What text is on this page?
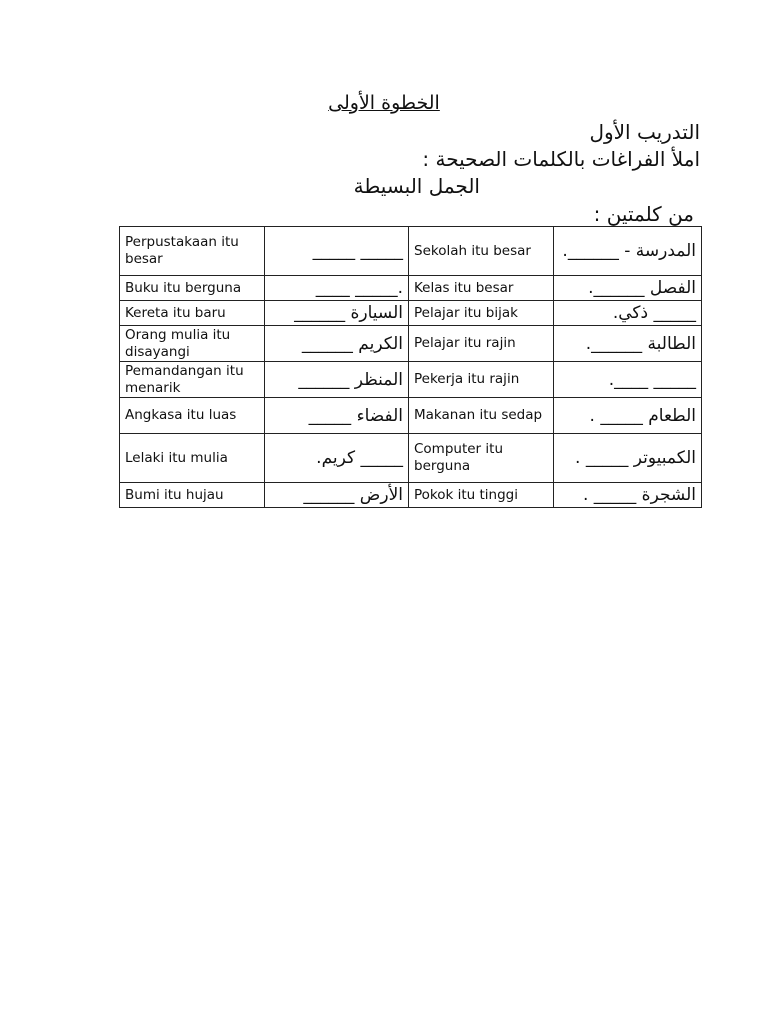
الخطوة الأولى
التدريب الأول
املأ الفراغات بالكلمات الصحيحة :
الجمل البسيطة
من كلمتين :
Perpustakaan itu besar	_____ _____	Sekolah itu besar	المدرسة - ______.
Buku itu berguna	._____ ____	Kelas itu besar	الفصل ______.
Kereta itu baru	السيارة ______	Pelajar itu bijak	_____ ذكي.
Orang mulia itu disayangi	الكريم ______	Pelajar itu rajin	الطالبة ______.
Pemandangan itu menarik	المنظر ______	Pekerja itu rajin	_____ ____.
Angkasa itu luas	الفضاء _____	Makanan itu sedap	الطعام _____ .
Lelaki itu mulia	_____ كريم.	Computer itu berguna	الكمبيوتر _____ .
Bumi itu hujau	الأرض ______	Pokok itu tinggi	الشجرة _____ .
